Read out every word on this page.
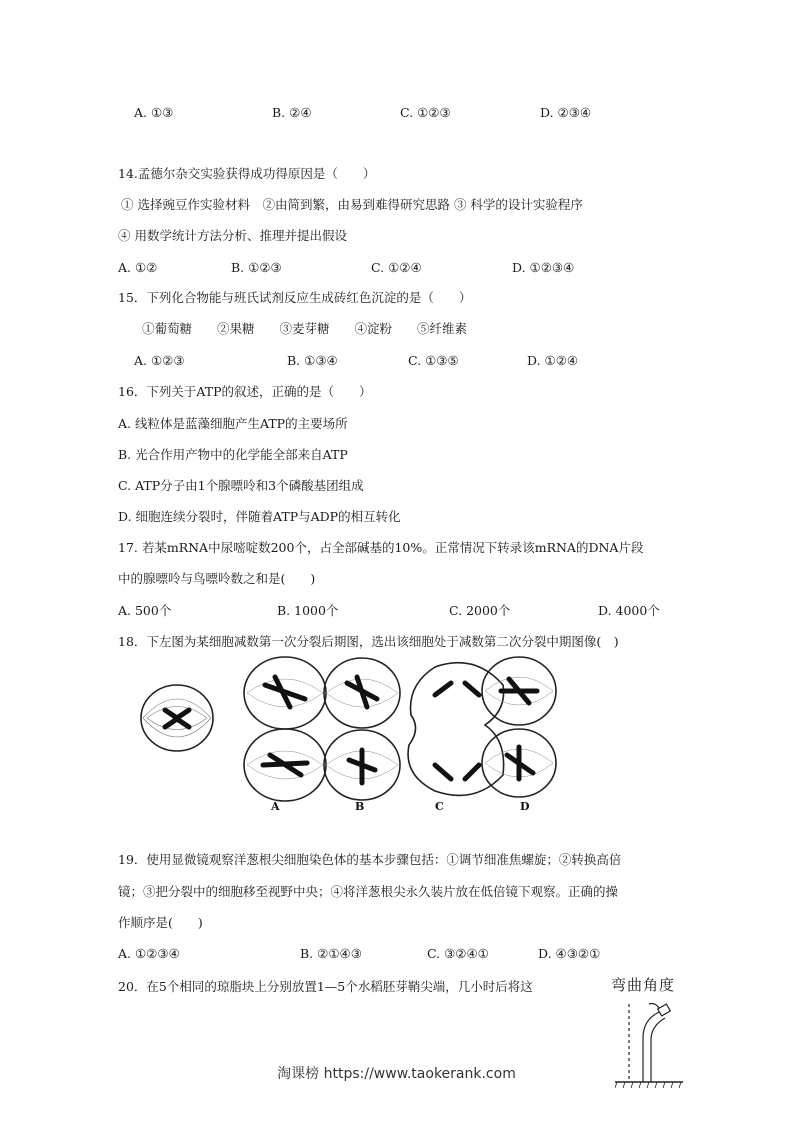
A. ①③	B. ②④	C. ①②③	D. ②③④
14.孟德尔杂交实验获得成功得原因是（　　）
① 选择豌豆作实验材料　②由简到繁，由易到难得研究思路 ③ 科学的设计实验程序
④ 用数学统计方法分析、推理并提出假设
A. ①②	B. ①②③	C. ①②④	D. ①②③④
15．下列化合物能与班氏试剂反应生成砖红色沉淀的是（　　）
①葡萄糖　　②果糖　　③麦芽糖　　④淀粉　　⑤纤维素
A. ①②③	B. ①③④	C. ①③⑤	D. ①②④
16．下列关于ATP的叙述，正确的是（　　）
A. 线粒体是蓝藻细胞产生ATP的主要场所
B. 光合作用产物中的化学能全部来自ATP
C. ATP分子由1个腺嘌呤和3个磷酸基团组成
D. 细胞连续分裂时，伴随着ATP与ADP的相互转化
17. 若某mRNA中尿嘧啶数200个，占全部碱基的10%。正常情况下转录该mRNA的DNA片段
中的腺嘌呤与鸟嘌呤数之和是(　　)
A. 500个	B. 1000个	C. 2000个	D. 4000个
18．下左图为某细胞减数第一次分裂后期图，选出该细胞处于减数第二次分裂中期图像(　)
A	B	C	D
19．使用显微镜观察洋葱根尖细胞染色体的基本步骤包括：①调节细准焦螺旋；②转换高倍
镜；③把分裂中的细胞移至视野中央；④将洋葱根尖永久装片放在低倍镜下观察。正确的操
作顺序是(　　)
A. ①②③④	B. ②①④③	C. ③②④①	D. ④③②①
20．在5个相同的琼脂块上分别放置1—5个水稻胚芽鞘尖端，几小时后将这	弯曲角度
淘课榜 https://www.taokerank.com
